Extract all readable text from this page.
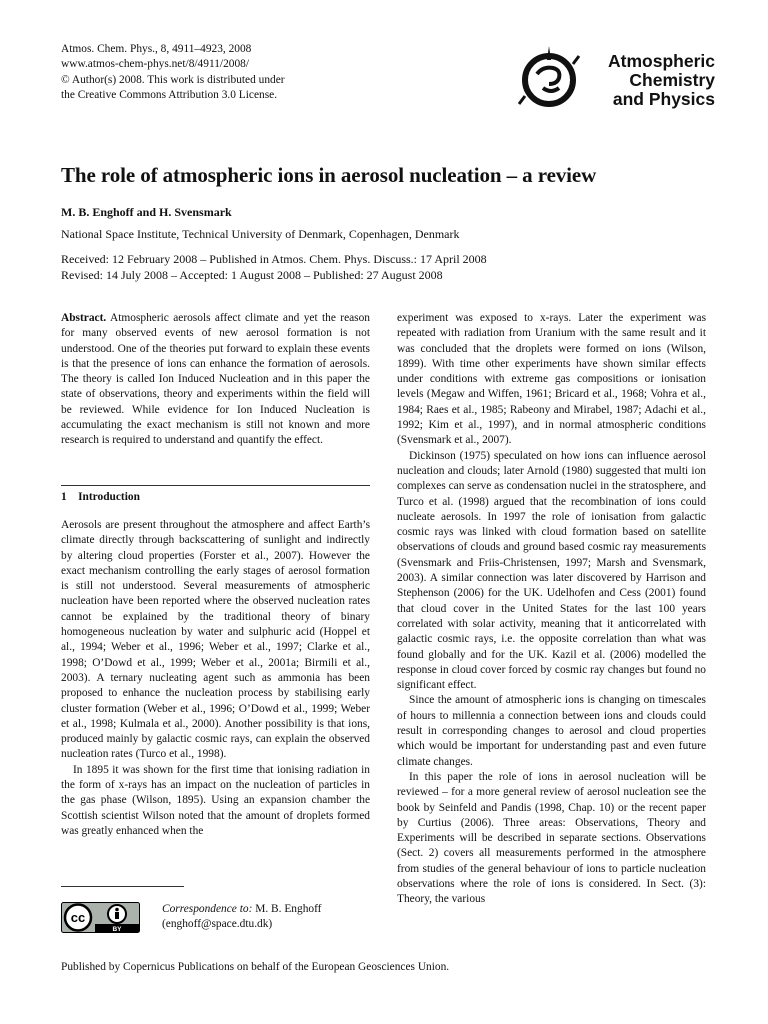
Atmos. Chem. Phys., 8, 4911–4923, 2008
www.atmos-chem-phys.net/8/4911/2008/
© Author(s) 2008. This work is distributed under
the Creative Commons Attribution 3.0 License.
Atmospheric
Chemistry
and Physics
The role of atmospheric ions in aerosol nucleation – a review
M. B. Enghoff and H. Svensmark
National Space Institute, Technical University of Denmark, Copenhagen, Denmark
Received: 12 February 2008 – Published in Atmos. Chem. Phys. Discuss.: 17 April 2008
Revised: 14 July 2008 – Accepted: 1 August 2008 – Published: 27 August 2008

Abstract. Atmospheric aerosols affect climate and yet the reason for many observed events of new aerosol formation is not understood. One of the theories put forward to explain these events is that the presence of ions can enhance the formation of aerosols. The theory is called Ion Induced Nucleation and in this paper the state of observations, theory and experiments within the field will be reviewed. While evidence for Ion Induced Nucleation is accumulating the exact mechanism is still not known and more research is required to understand and quantify the effect.

1    Introduction

Aerosols are present throughout the atmosphere and affect Earth’s climate directly through backscattering of sunlight and indirectly by altering cloud properties (Forster et al., 2007). However the exact mechanism controlling the early stages of aerosol formation is still not understood. Several measurements of atmospheric nucleation have been reported where the observed nucleation rates cannot be explained by the traditional theory of binary homogeneous nucleation by water and sulphuric acid (Hoppel et al., 1994; Weber et al., 1996; Weber et al., 1997; Clarke et al., 1998; O’Dowd et al., 1999; Weber et al., 2001a; Birmili et al., 2003). A ternary nucleating agent such as ammonia has been proposed to enhance the nucleation process by stabilising early cluster formation (Weber et al., 1996; O’Dowd et al., 1999; Weber et al., 1998; Kulmala et al., 2000). Another possibility is that ions, produced mainly by galactic cosmic rays, can explain the observed nucleation rates (Turco et al., 1998).

In 1895 it was shown for the first time that ionising radiation in the form of x-rays has an impact on the nucleation of particles in the gas phase (Wilson, 1895). Using an expansion chamber the Scottish scientist Wilson noted that the amount of droplets formed was greatly enhanced when the

experiment was exposed to x-rays. Later the experiment was repeated with radiation from Uranium with the same result and it was concluded that the droplets were formed on ions (Wilson, 1899). With time other experiments have shown similar effects under conditions with extreme gas compositions or ionisation levels (Megaw and Wiffen, 1961; Bricard et al., 1968; Vohra et al., 1984; Raes et al., 1985; Rabeony and Mirabel, 1987; Adachi et al., 1992; Kim et al., 1997), and in normal atmospheric conditions (Svensmark et al., 2007).

Dickinson (1975) speculated on how ions can influence aerosol nucleation and clouds; later Arnold (1980) suggested that multi ion complexes can serve as condensation nuclei in the stratosphere, and Turco et al. (1998) argued that the recombination of ions could nucleate aerosols. In 1997 the role of ionisation from galactic cosmic rays was linked with cloud formation based on satellite observations of clouds and ground based cosmic ray measurements (Svensmark and Friis-Christensen, 1997; Marsh and Svensmark, 2003). A similar connection was later discovered by Harrison and Stephenson (2006) for the UK. Udelhofen and Cess (2001) found that cloud cover in the United States for the last 100 years correlated with solar activity, meaning that it anticorrelated with galactic cosmic rays, i.e. the opposite correlation than what was found globally and for the UK. Kazil et al. (2006) modelled the response in cloud cover forced by cosmic ray changes but found no significant effect.

Since the amount of atmospheric ions is changing on timescales of hours to millennia a connection between ions and clouds could result in corresponding changes to aerosol and cloud properties which would be important for understanding past and even future climate changes.

In this paper the role of ions in aerosol nucleation will be reviewed – for a more general review of aerosol nucleation see the book by Seinfeld and Pandis (1998, Chap. 10) or the recent paper by Curtius (2006). Three areas: Observations, Theory and Experiments will be described in separate sections. Observations (Sect. 2) covers all measurements performed in the atmosphere from studies of the general behaviour of ions to particle nucleation observations where the role of ions is considered. In Sect. (3): Theory, the various

cc
BY
Correspondence to: M. B. Enghoff
(enghoff@space.dtu.dk)
Published by Copernicus Publications on behalf of the European Geosciences Union.
